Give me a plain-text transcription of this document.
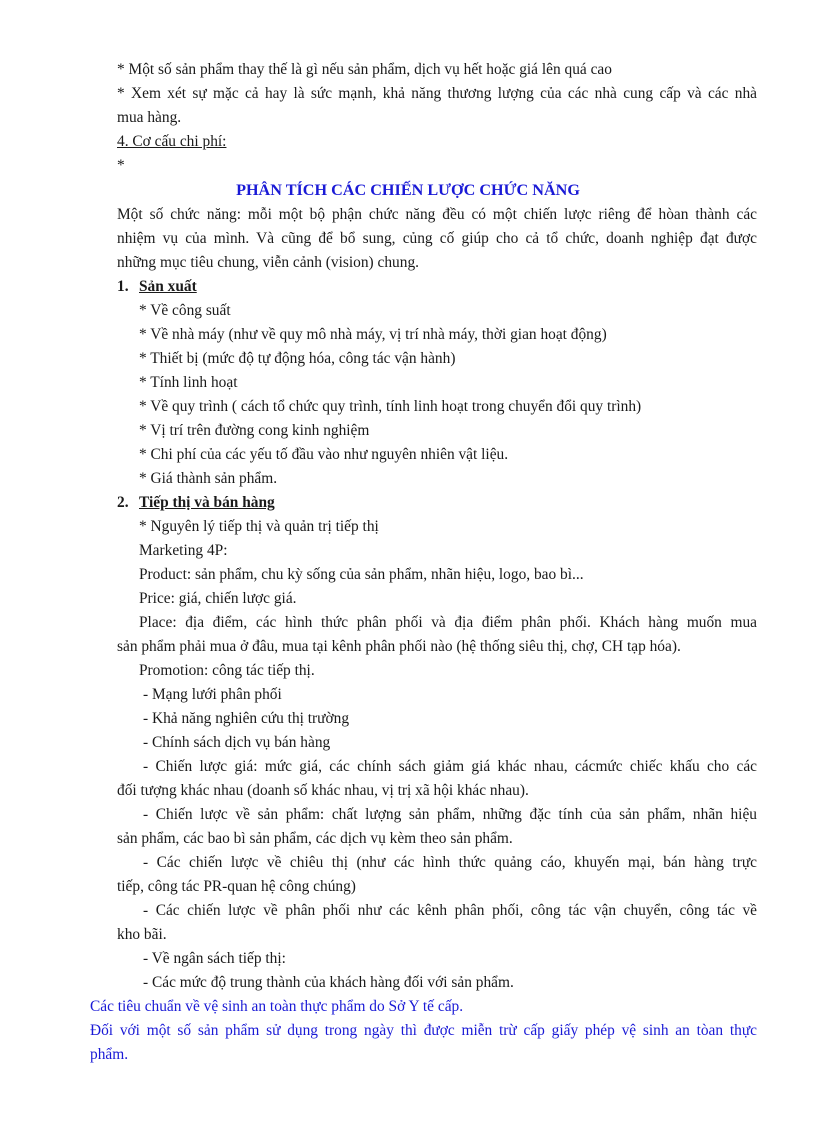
* Một số sản phẩm thay thế là gì nếu sản phẩm, dịch vụ hết hoặc giá lên quá cao
* Xem xét sự mặc cả hay là sức mạnh, khả năng thương lượng của các nhà cung cấp và các nhà
mua hàng.
4. Cơ cấu chi phí:
*
PHÂN TÍCH CÁC CHIẾN LƯỢC CHỨC NĂNG
Một số chức năng: mỗi một bộ phận chức năng đều có một chiến lược riêng để hòan thành các
nhiệm vụ của mình. Và cũng để bổ sung, củng cố giúp cho cả tổ chức, doanh nghiệp đạt được
những mục tiêu chung, viễn cảnh (vision) chung.
1. Sản xuất
* Về công suất
* Về nhà máy (như về quy mô nhà máy, vị trí nhà máy, thời gian hoạt động)
* Thiết bị (mức độ tự động hóa, công tác vận hành)
* Tính linh hoạt
* Về quy trình ( cách tổ chức quy trình, tính linh hoạt trong chuyển đổi quy trình)
* Vị trí trên đường cong kinh nghiệm
* Chi phí của các yếu tố đầu vào như nguyên nhiên vật liệu.
* Giá thành sản phẩm.
2. Tiếp thị và bán hàng
* Nguyên lý tiếp thị và quản trị tiếp thị
Marketing 4P:
Product: sản phẩm, chu kỳ sống của sản phẩm, nhãn hiệu, logo, bao bì...
Price: giá, chiến lược giá.
Place: địa điểm, các hình thức phân phối và địa điểm phân phối. Khách hàng muốn mua
sản phẩm phải mua ở đâu, mua tại kênh phân phối nào (hệ thống siêu thị, chợ, CH tạp hóa).
Promotion: công tác tiếp thị.
- Mạng lưới phân phối
- Khả năng nghiên cứu thị trường
- Chính sách dịch vụ bán hàng
- Chiến lược giá: mức giá, các chính sách giảm giá khác nhau, cácmức chiếc khấu cho các
đối tượng khác nhau (doanh số khác nhau, vị trị xã hội khác nhau).
- Chiến lược về sản phẩm: chất lượng sản phẩm, những đặc tính của sản phẩm, nhãn hiệu
sản phẩm, các bao bì sản phẩm, các dịch vụ kèm theo sản phẩm.
- Các chiến lược về chiêu thị (như các hình thức quảng cáo, khuyến mại, bán hàng trực
tiếp, công tác PR-quan hệ công chúng)
- Các chiến lược về phân phối như các kênh phân phối, công tác vận chuyển, công tác về
kho bãi.
- Về ngân sách tiếp thị:
- Các mức độ trung thành của khách hàng đối với sản phẩm.
Các tiêu chuẩn về vệ sinh an toàn thực phẩm do Sở Y tế cấp.
Đối với một số sản phẩm sử dụng trong ngày thì được miễn trừ cấp giấy phép vệ sinh an tòan thực
phẩm.
